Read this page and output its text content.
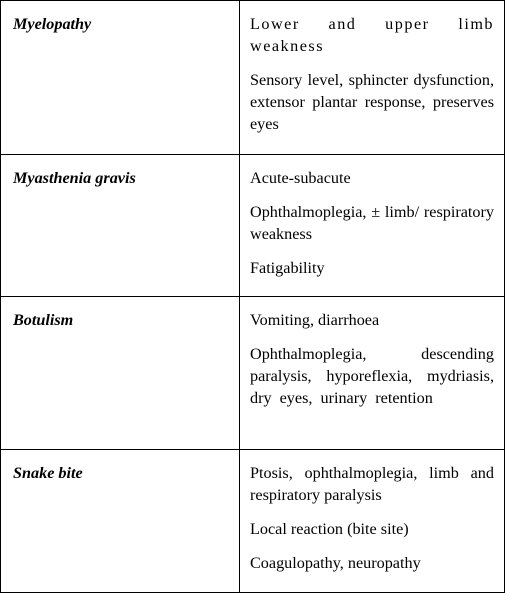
Myelopathy	Lower and upper limb weakness

Sensory level, sphincter dysfunction, extensor plantar response, preserves eyes

Myasthenia gravis	Acute-subacute

Ophthalmoplegia, ± limb/ respiratory weakness

Fatigability

Botulism	Vomiting, diarrhoea

Ophthalmoplegia, descending paralysis, hyporeflexia, mydriasis, dry eyes, urinary retention

Snake bite	Ptosis, ophthalmoplegia, limb and respiratory paralysis

Local reaction (bite site)

Coagulopathy, neuropathy
